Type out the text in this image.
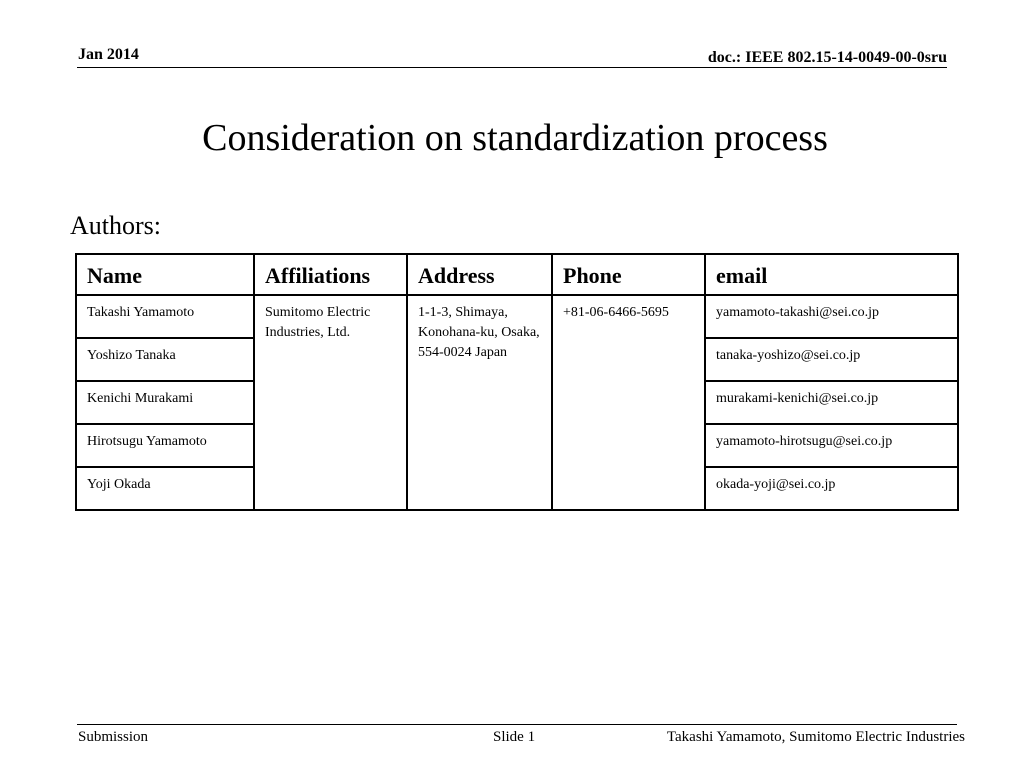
Jan 2014	doc.: IEEE 802.15-14-0049-00-0sru
Consideration on standardization process
Authors:
Name	Affiliations	Address	Phone	email
Takashi Yamamoto	Sumitomo Electric Industries, Ltd.	1-1-3, Shimaya, Konohana-ku, Osaka, 554-0024 Japan	+81-06-6466-5695	yamamoto-takashi@sei.co.jp
Yoshizo Tanaka				tanaka-yoshizo@sei.co.jp
Kenichi Murakami				murakami-kenichi@sei.co.jp
Hirotsugu Yamamoto				yamamoto-hirotsugu@sei.co.jp
Yoji Okada				okada-yoji@sei.co.jp
Submission	Slide 1	Takashi Yamamoto, Sumitomo Electric Industries
